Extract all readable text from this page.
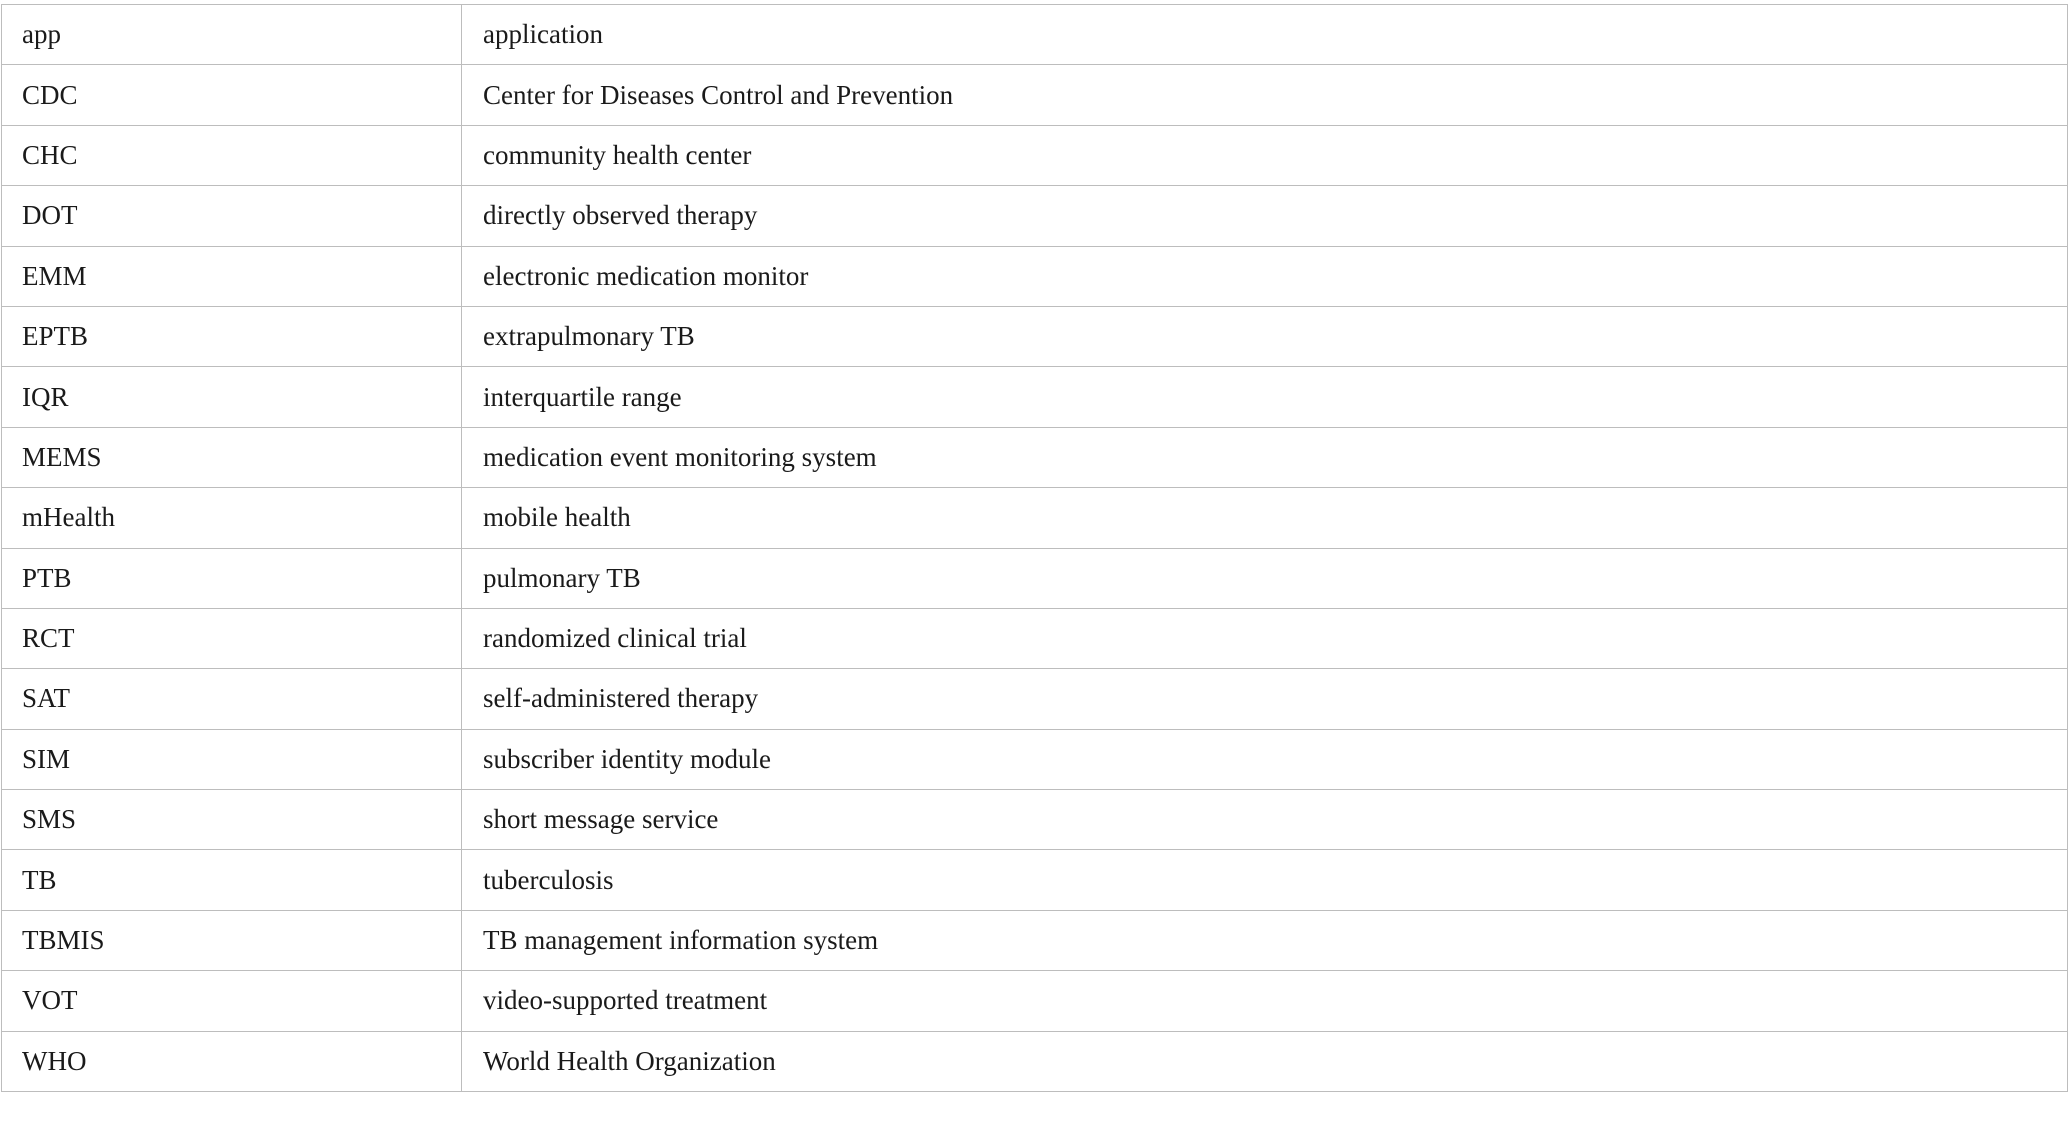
app	application
CDC	Center for Diseases Control and Prevention
CHC	community health center
DOT	directly observed therapy
EMM	electronic medication monitor
EPTB	extrapulmonary TB
IQR	interquartile range
MEMS	medication event monitoring system
mHealth	mobile health
PTB	pulmonary TB
RCT	randomized clinical trial
SAT	self-administered therapy
SIM	subscriber identity module
SMS	short message service
TB	tuberculosis
TBMIS	TB management information system
VOT	video-supported treatment
WHO	World Health Organization
